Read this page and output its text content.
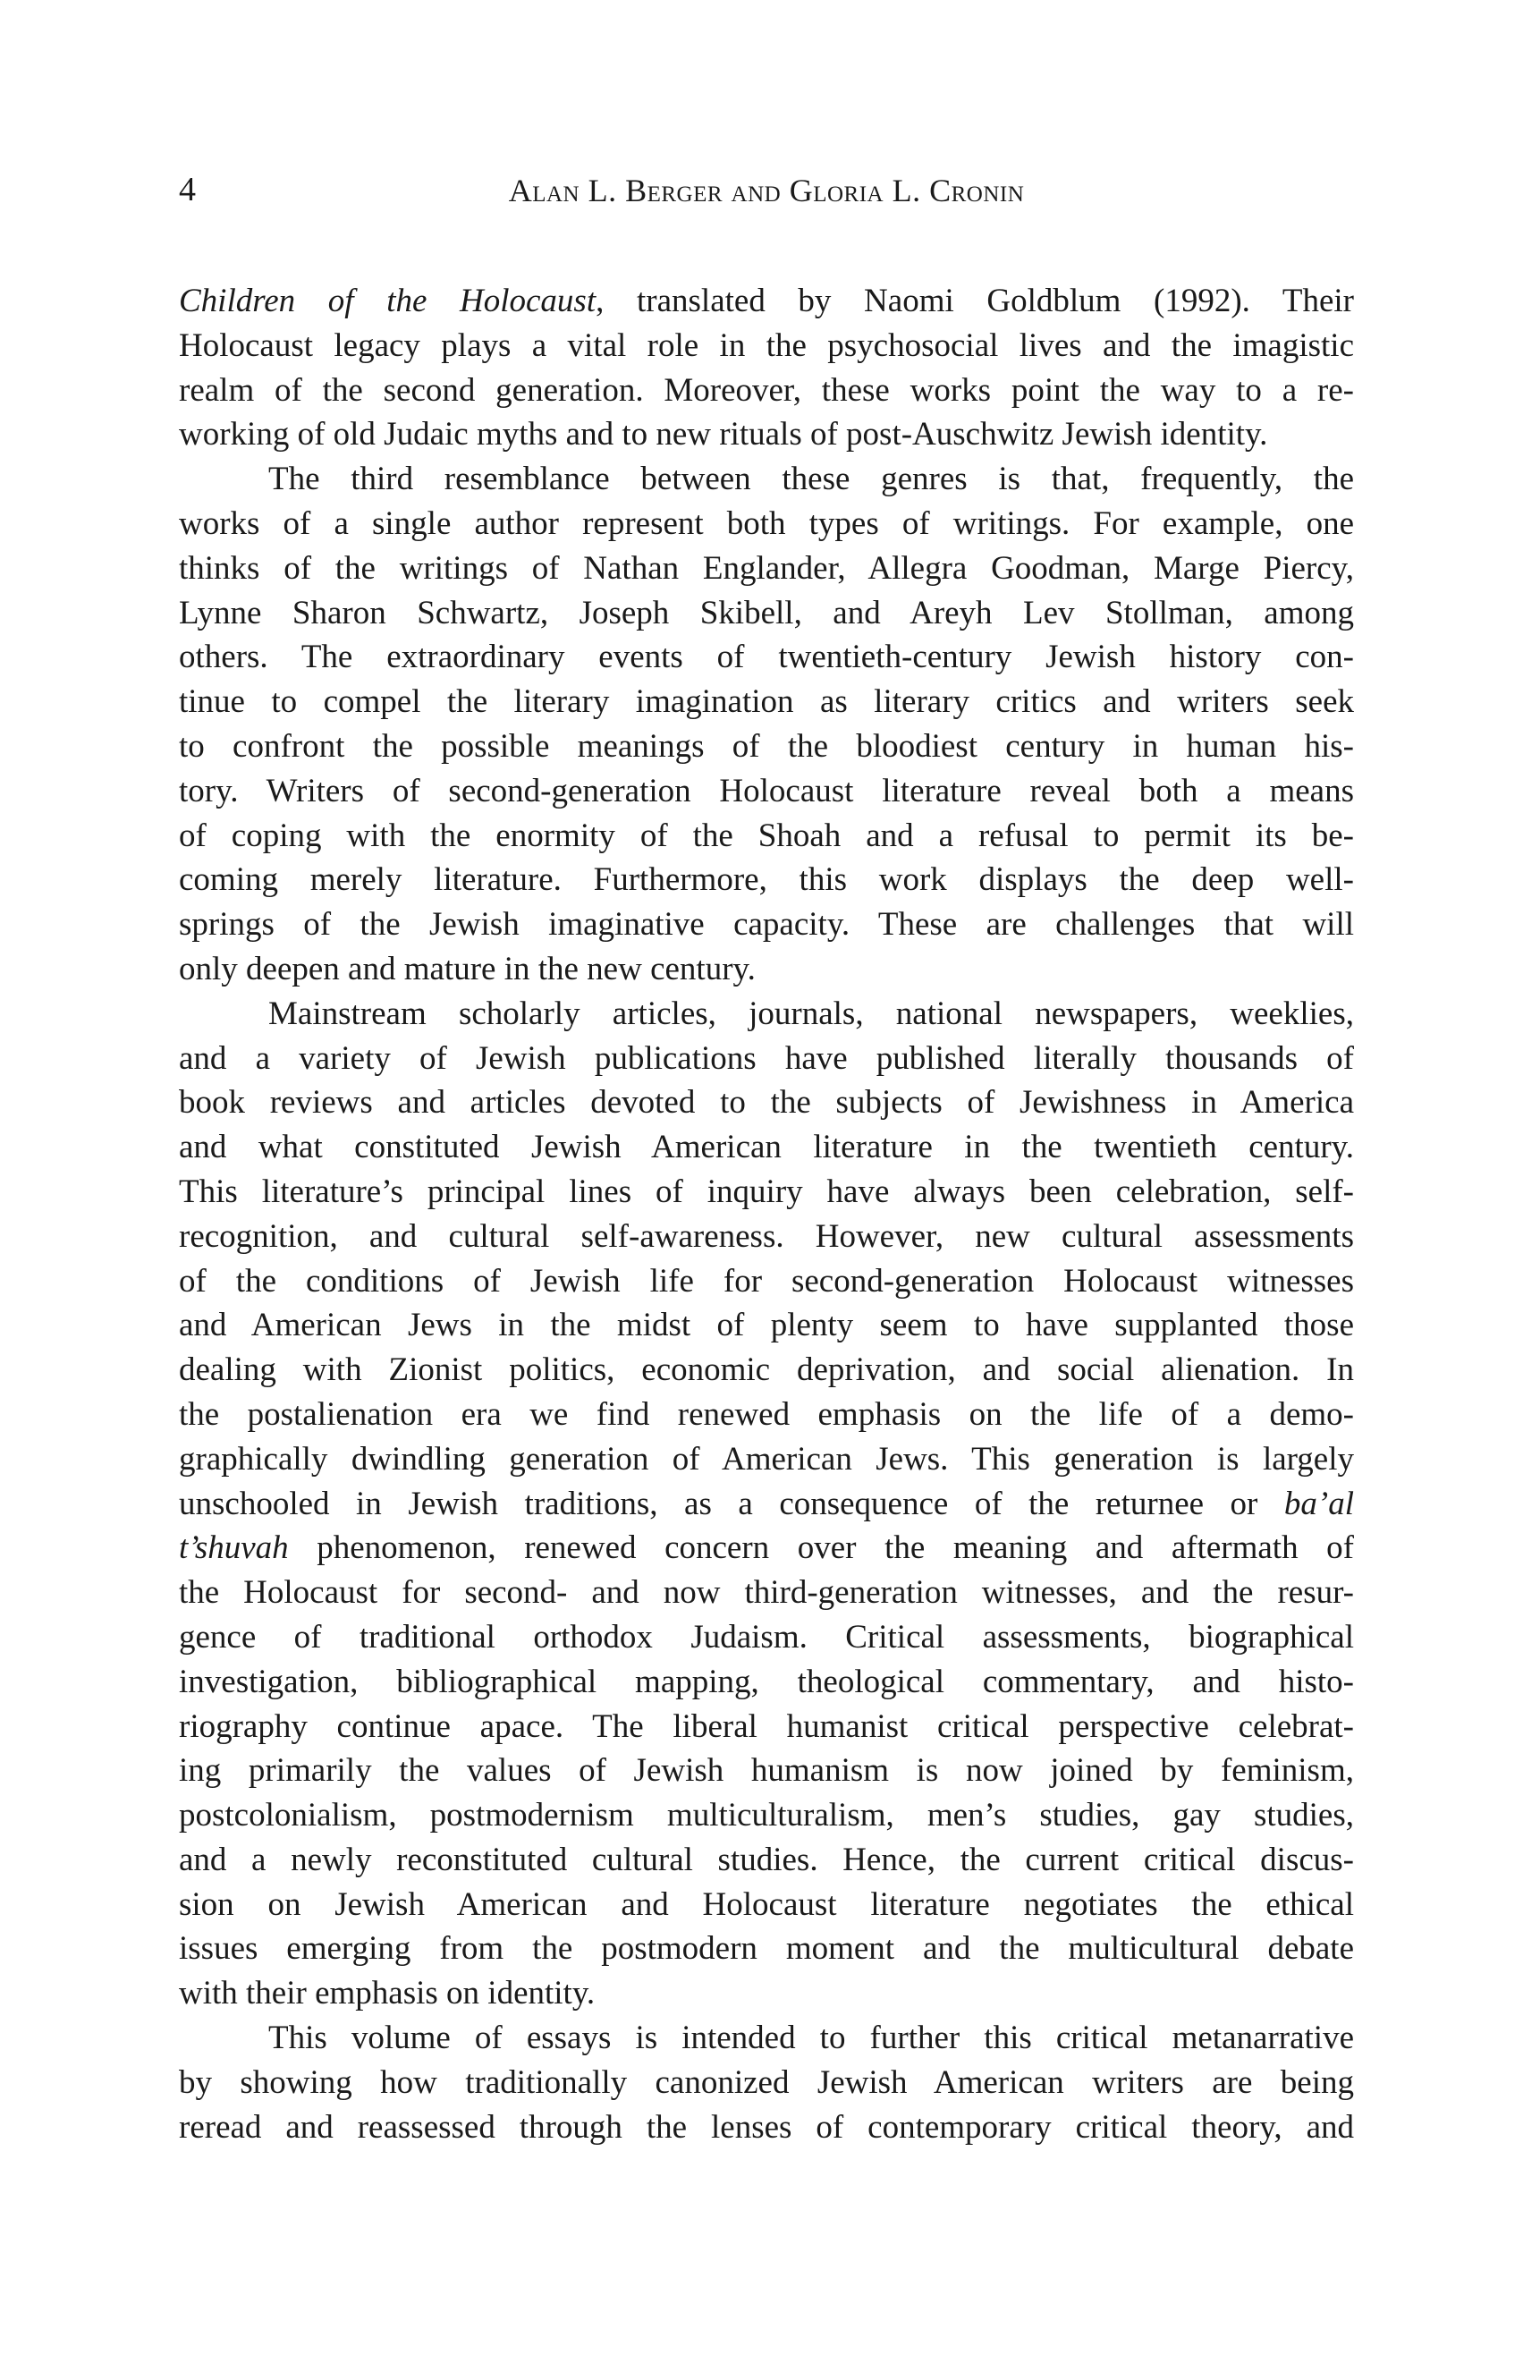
4	Alan L. Berger and Gloria L. Cronin
Children of the Holocaust, translated by Naomi Goldblum (1992). Their
Holocaust legacy plays a vital role in the psychosocial lives and the imagistic
realm of the second generation. Moreover, these works point the way to a re-
working of old Judaic myths and to new rituals of post-Auschwitz Jewish identity.
The third resemblance between these genres is that, frequently, the
works of a single author represent both types of writings. For example, one
thinks of the writings of Nathan Englander, Allegra Goodman, Marge Piercy,
Lynne Sharon Schwartz, Joseph Skibell, and Areyh Lev Stollman, among
others. The extraordinary events of twentieth-century Jewish history con-
tinue to compel the literary imagination as literary critics and writers seek
to confront the possible meanings of the bloodiest century in human his-
tory. Writers of second-generation Holocaust literature reveal both a means
of coping with the enormity of the Shoah and a refusal to permit its be-
coming merely literature. Furthermore, this work displays the deep well-
springs of the Jewish imaginative capacity. These are challenges that will
only deepen and mature in the new century.
Mainstream scholarly articles, journals, national newspapers, weeklies,
and a variety of Jewish publications have published literally thousands of
book reviews and articles devoted to the subjects of Jewishness in America
and what constituted Jewish American literature in the twentieth century.
This literature’s principal lines of inquiry have always been celebration, self-
recognition, and cultural self-awareness. However, new cultural assessments
of the conditions of Jewish life for second-generation Holocaust witnesses
and American Jews in the midst of plenty seem to have supplanted those
dealing with Zionist politics, economic deprivation, and social alienation. In
the postalienation era we find renewed emphasis on the life of a demo-
graphically dwindling generation of American Jews. This generation is largely
unschooled in Jewish traditions, as a consequence of the returnee or ba’al
t’shuvah phenomenon, renewed concern over the meaning and aftermath of
the Holocaust for second- and now third-generation witnesses, and the resur-
gence of traditional orthodox Judaism. Critical assessments, biographical
investigation, bibliographical mapping, theological commentary, and histo-
riography continue apace. The liberal humanist critical perspective celebrat-
ing primarily the values of Jewish humanism is now joined by feminism,
postcolonialism, postmodernism multiculturalism, men’s studies, gay studies,
and a newly reconstituted cultural studies. Hence, the current critical discus-
sion on Jewish American and Holocaust literature negotiates the ethical
issues emerging from the postmodern moment and the multicultural debate
with their emphasis on identity.
This volume of essays is intended to further this critical metanarrative
by showing how traditionally canonized Jewish American writers are being
reread and reassessed through the lenses of contemporary critical theory, and
